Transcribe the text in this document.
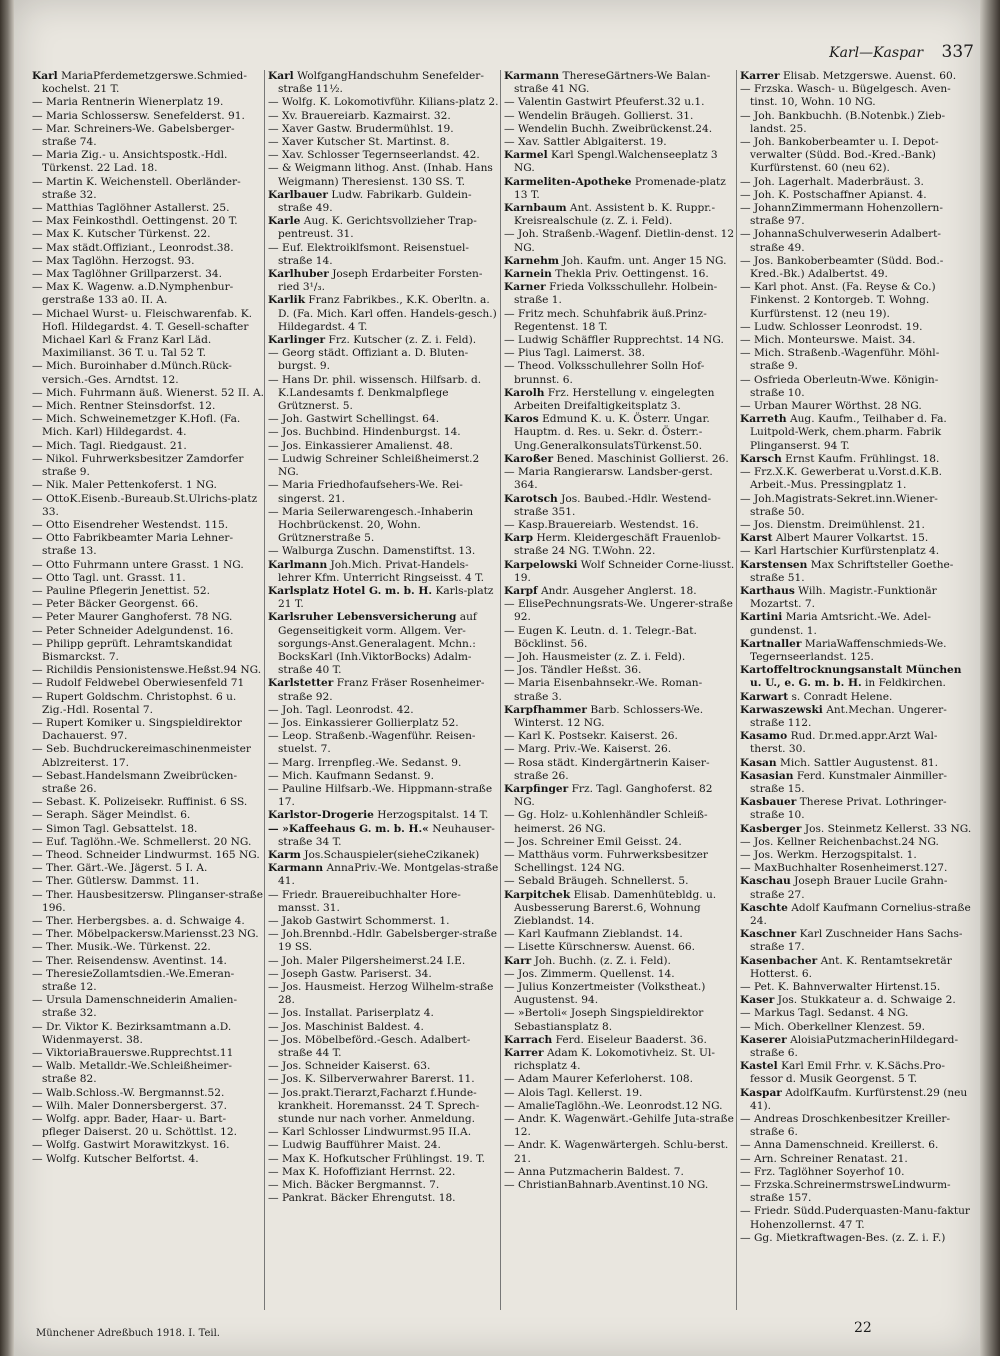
Karl—Kaspar 337

Karl MariaPferdemetzgerswe.Schmied-kochelst. 21 T.

— Maria Rentnerin Wienerplatz 19.

— Maria Schlossersw. Senefelderst. 91.

— Mar. Schreiners-We. Gabelsberger-straße 74.

— Maria Zig.- u. Ansichtspostk.-Hdl. Türkenst. 22 Lad. 18.

— Martin K. Weichenstell. Oberländer-straße 32.

— Matthias Taglöhner Astallerst. 25.

— Max Feinkosthdl. Oettingenst. 20 T.

— Max K. Kutscher Türkenst. 22.

— Max städt.Offiziant., Leonrodst.38.

— Max Taglöhn. Herzogst. 93.

— Max Taglöhner Grillparzerst. 34.

— Max K. Wagenw. a.D.Nymphenbur-gerstraße 133 a0. II. A.

— Michael Wurst- u. Fleischwarenfab. K. Hofl. Hildegardst. 4. T. Gesell-schafter Michael Karl & Franz Karl Läd. Maximilianst. 36 T. u. Tal 52 T.

— Mich. Buroinhaber d.Münch.Rück-versich.-Ges. Arndtst. 12.

— Mich. Fuhrmann äuß. Wienerst. 52 II. A.

— Mich. Rentner Steinsdorfst. 12.

— Mich. Schweinemetzger K.Hofl. (Fa. Mich. Karl) Hildegardst. 4.

— Mich. Tagl. Riedgaust. 21.

— Nikol. Fuhrwerksbesitzer Zamdorfer straße 9.

— Nik. Maler Pettenkoferst. 1 NG.

— OttoK.Eisenb.-Bureaub.St.Ulrichs-platz 33.

— Otto Eisendreher Westendst. 115.

— Otto Fabrikbeamter Maria Lehner-straße 13.

— Otto Fuhrmann untere Grasst. 1 NG.

— Otto Tagl. unt. Grasst. 11.

— Pauline Pflegerin Jenettist. 52.

— Peter Bäcker Georgenst. 66.

— Peter Maurer Ganghoferst. 78 NG.

— Peter Schneider Adelgundenst. 16.

— Philipp geprüft. Lehramtskandidat Bismarckst. 7.

— Richildis Pensionistenswe.Heßst.94 NG.

— Rudolf Feldwebel Oberwiesenfeld 71

— Rupert Goldschm. Christophst. 6 u. Zig.-Hdl. Rosental 7.

— Rupert Komiker u. Singspieldirektor Dachauerst. 97.

— Seb. Buchdruckereimaschinenmeister Ablzreiterst. 17.

— Sebast.Handelsmann Zweibrücken-straße 26.

— Sebast. K. Polizeisekr. Ruffinist. 6 SS.

— Seraph. Säger Meindlst. 6.

— Simon Tagl. Gebsattelst. 18.

— Euf. Taglöhn.-We. Schmellerst. 20 NG.

— Theod. Schneider Lindwurmst. 165 NG.

— Ther. Gärt.-We. Jägerst. 5 I. A.

— Ther. Gütlersw. Dammst. 11.

— Ther. Hausbesitzersw. Plinganser-straße 196.

— Ther. Herbergsbes. a. d. Schwaige 4.

— Ther. Möbelpackersw.Mariensst.23 NG.

— Ther. Musik.-We. Türkenst. 22.

— Ther. Reisendensw. Aventinst. 14.

— TheresieZollamtsdien.-We.Emeran-straße 12.

— Ursula Damenschneiderin Amalien-straße 32.

— Dr. Viktor K. Bezirksamtmann a.D. Widenmayerst. 38.

— ViktoriaBrauerswe.Rupprechtst.11

— Walb. Metalldr.-We.Schleißheimer-straße 82.

— Walb.Schloss.-W. Bergmannst.52.

— Wilh. Maler Donnersbergerst. 37.

— Wolfg. appr. Bader, Haar- u. Bart-pfleger Daiserst. 20 u. Schöttlst. 12.

— Wolfg. Gastwirt Morawitzkyst. 16.

— Wolfg. Kutscher Belfortst. 4.

Karl WolfgangHandschuhm Senefelder-straße 11½.

— Wolfg. K. Lokomotivführ. Kilians-platz 2.

— Xv. Brauereiarb. Kazmairst. 32.

— Xaver Gastw. Brudermühlst. 19.

— Xaver Kutscher St. Martinst. 8.

— Xav. Schlosser Tegernseerlandst. 42.

— & Weigmann lithog. Anst. (Inhab. Hans Weigmann) Theresienst. 130 SS. T.

Karlbauer Ludw. Fabrikarb. Guldein-straße 49.

Karle Aug. K. Gerichtsvollzieher Trap-pentreust. 31.

— Euf. Elektroiklfsmont. Reisenstuel-straße 14.

Karlhuber Joseph Erdarbeiter Forsten-ried 3¹/₃.

Karlik Franz Fabrikbes., K.K. Oberltn. a. D. (Fa. Mich. Karl offen. Handels-gesch.) Hildegardst. 4 T.

Karlinger Frz. Kutscher (z. Z. i. Feld).

— Georg städt. Offiziant a. D. Bluten-burgst. 9.

— Hans Dr. phil. wissensch. Hilfsarb. d. K.Landesamts f. Denkmalpflege Grütznerst. 5.

— Joh. Gastwirt Schellingst. 64.

— Jos. Buchbind. Hindenburgst. 14.

— Jos. Einkassierer Amalienst. 48.

— Ludwig Schreiner Schleißheimerst.2 NG.

— Maria Friedhofaufsehers-We. Rei-singerst. 21.

— Maria Seilerwarengesch.-Inhaberin Hochbrückenst. 20, Wohn. Grütznerstraße 5.

— Walburga Zuschn. Damenstiftst. 13.

Karlmann Joh.Mich. Privat-Handels-lehrer Kfm. Unterricht Ringseisst. 4 T.

Karlsplatz Hotel G. m. b. H. Karls-platz 21 T.

Karlsruher Lebensversicherung auf Gegenseitigkeit vorm. Allgem. Ver-sorgungs-Anst.Generalagent. Mchn.: BocksKarl (Inh.ViktorBocks) Adalm-straße 40 T.

Karlstetter Franz Fräser Rosenheimer-straße 92.

— Joh. Tagl. Leonrodst. 42.

— Jos. Einkassierer Gollierplatz 52.

— Leop. Straßenb.-Wagenführ. Reisen-stuelst. 7.

— Marg. Irrenpfleg.-We. Sedanst. 9.

— Mich. Kaufmann Sedanst. 9.

— Pauline Hilfsarb.-We. Hippmann-straße 17.

Karlstor-Drogerie Herzogspitalst. 14 T.

— »Kaffeehaus G. m. b. H.« Neuhauser-straße 34 T.

Karm Jos.Schauspieler(sieheCzikanek)

Karmann AnnaPriv.-We. Montgelas-straße 41.

— Friedr. Brauereibuchhalter Hore-mansst. 31.

— Jakob Gastwirt Schommerst. 1.

— Joh.Brennbd.-Hdlr. Gabelsberger-straße 19 SS.

— Joh. Maler Pilgersheimerst.24 I.E.

— Joseph Gastw. Pariserst. 34.

— Jos. Hausmeist. Herzog Wilhelm-straße 28.

— Jos. Installat. Pariserplatz 4.

— Jos. Maschinist Baldest. 4.

— Jos. Möbelbeförd.-Gesch. Adalbert-straße 44 T.

— Jos. Schneider Kaiserst. 63.

— Jos. K. Silberverwahrer Barerst. 11.

— Jos.prakt.Tierarzt,Facharzt f.Hunde-krankheit. Horemansst. 24 T. Sprech-stunde nur nach vorher. Anmeldung.

— Karl Schlosser Lindwurmst.95 II.A.

— Ludwig Baufführer Maist. 24.

— Max K. Hofkutscher Frühlingst. 19. T.

— Max K. Hofoffiziant Herrnst. 22.

— Mich. Bäcker Bergmannst. 7.

— Pankrat. Bäcker Ehrengutst. 18.

Karmann ThereseGärtners-We Balan-straße 41 NG.

— Valentin Gastwirt Pfeuferst.32 u.1.

— Wendelin Bräugeh. Gollierst. 31.

— Wendelin Buchh. Zweibrückenst.24.

— Xav. Sattler Ablgaiterst. 19.

Karmel Karl Spengl.Walchenseeplatz 3 NG.

Karmeliten-Apotheke Promenade-platz 13 T.

Karnbaum Ant. Assistent b. K. Ruppr.-Kreisrealschule (z. Z. i. Feld).

— Joh. Straßenb.-Wagenf. Dietlin-denst. 12 NG.

Karnehm Joh. Kaufm. unt. Anger 15 NG.

Karnein Thekla Priv. Oettingenst. 16.

Karner Frieda Volksschullehr. Holbein-straße 1.

— Fritz mech. Schuhfabrik äuß.Prinz-Regentenst. 18 T.

— Ludwig Schäffler Rupprechtst. 14 NG.

— Pius Tagl. Laimerst. 38.

— Theod. Volksschullehrer Solln Hof-brunnst. 6.

Karolh Frz. Herstellung v. eingelegten Arbeiten Dreifaltigkeitsplatz 3.

Karos Edmund K. u. K. Österr. Ungar. Hauptm. d. Res. u. Sekr. d. Österr.-Ung.GeneralkonsulatsTürkenst.50.

Karoßer Bened. Maschinist Gollierst. 26.

— Maria Rangierarsw. Landsber-gerst. 364.

Karotsch Jos. Baubed.-Hdlr. Westend-straße 351.

— Kasp.Brauereiarb. Westendst. 16.

Karp Herm. Kleidergeschäft Frauenlob-straße 24 NG. T.Wohn. 22.

Karpelowski Wolf Schneider Corne-liusst. 19.

Karpf Andr. Ausgeher Anglerst. 18.

— ElisePechnungsrats-We. Ungerer-straße 92.

— Eugen K. Leutn. d. 1. Telegr.-Bat. Böcklinst. 56.

— Joh. Hausmeister (z. Z. i. Feld).

— Jos. Tändler Heßst. 36.

— Maria Eisenbahnsekr.-We. Roman-straße 3.

Karpfhammer Barb. Schlossers-We. Winterst. 12 NG.

— Karl K. Postsekr. Kaiserst. 26.

— Marg. Priv.-We. Kaiserst. 26.

— Rosa städt. Kindergärtnerin Kaiser-straße 26.

Karpfinger Frz. Tagl. Ganghoferst. 82 NG.

— Gg. Holz- u.Kohlenhändler Schleiß-heimerst. 26 NG.

— Jos. Schreiner Emil Geisst. 24.

— Matthäus vorm. Fuhrwerksbesitzer Schellingst. 124 NG.

— Sebald Bräugeh. Schnellerst. 5.

Karpitchek Elisab. Damenhütebldg. u. Ausbesserung Barerst.6, Wohnung Zieblandst. 14.

— Karl Kaufmann Zieblandst. 14.

— Lisette Kürschnersw. Auenst. 66.

Karr Joh. Buchh. (z. Z. i. Feld).

— Jos. Zimmerm. Quellenst. 14.

— Julius Konzertmeister (Volkstheat.) Augustenst. 94.

— »Bertoli« Joseph Singspieldirektor Sebastiansplatz 8.

Karrach Ferd. Eiseleur Baaderst. 36.

Karrer Adam K. Lokomotivheiz. St. Ul-richsplatz 4.

— Adam Maurer Keferloherst. 108.

— Alois Tagl. Kellerst. 19.

— AmalieTaglöhn.-We. Leonrodst.12 NG.

— Andr. K. Wagenwärt.-Gehilfe Juta-straße 12.

— Andr. K. Wagenwärtergeh. Schlu-berst. 21.

— Anna Putzmacherin Baldest. 7.

— ChristianBahnarb.Aventinst.10 NG.

Karrer Elisab. Metzgerswe. Auenst. 60.

— Frzska. Wasch- u. Bügelgesch. Aven-tinst. 10, Wohn. 10 NG.

— Joh. Bankbuchh. (B.Notenbk.) Zieb-landst. 25.

— Joh. Bankoberbeamter u. I. Depot-verwalter (Südd. Bod.-Kred.-Bank) Kurfürstenst. 60 (neu 62).

— Joh. Lagerhalt. Maderbräust. 3.

— Joh. K. Postschaffner Apianst. 4.

— JohannZimmermann Hohenzollern-straße 97.

— JohannaSchulverweserin Adalbert-straße 49.

— Jos. Bankoberbeamter (Südd. Bod.-Kred.-Bk.) Adalbertst. 49.

— Karl phot. Anst. (Fa. Reyse & Co.) Finkenst. 2 Kontorgeb. T. Wohng. Kurfürstenst. 12 (neu 19).

— Ludw. Schlosser Leonrodst. 19.

— Mich. Monteurswe. Maist. 34.

— Mich. Straßenb.-Wagenführ. Möhl-straße 9.

— Osfrieda Oberleutn-Wwe. Königin-straße 10.

— Urban Maurer Wörthst. 28 NG.

Karreth Aug. Kaufm., Teilhaber d. Fa. Luitpold-Werk, chem.pharm. Fabrik Plinganserst. 94 T.

Karsch Ernst Kaufm. Frühlingst. 18.

— Frz.X.K. Gewerberat u.Vorst.d.K.B. Arbeit.-Mus. Pressingplatz 1.

— Joh.Magistrats-Sekret.inn.Wiener-straße 50.

— Jos. Dienstm. Dreimühlenst. 21.

Karst Albert Maurer Volkartst. 15.

— Karl Hartschier Kurfürstenplatz 4.

Karstensen Max Schriftsteller Goethe-straße 51.

Karthaus Wilh. Magistr.-Funktionär Mozartst. 7.

Kartini Maria Amtsricht.-We. Adel-gundenst. 1.

Kartnaller MariaWaffenschmieds-We. Tegernseerlandst. 125.

Kartoffeltrocknungsanstalt München u. U., e. G. m. b. H. in Feldkirchen.

Karwart s. Conradt Helene.

Karwaszewski Ant.Mechan. Ungerer-straße 112.

Kasamo Rud. Dr.med.appr.Arzt Wal-therst. 30.

Kasan Mich. Sattler Augustenst. 81.

Kasasian Ferd. Kunstmaler Ainmiller-straße 15.

Kasbauer Therese Privat. Lothringer-straße 10.

Kasberger Jos. Steinmetz Kellerst. 33 NG.

— Jos. Kellner Reichenbachst.24 NG.

— Jos. Werkm. Herzogspitalst. 1.

— MaxBuchhalter Rosenheimerst.127.

Kaschau Joseph Brauer Lucile Grahn-straße 27.

Kaschte Adolf Kaufmann Cornelius-straße 24.

Kaschner Karl Zuschneider Hans Sachs-straße 17.

Kasenbacher Ant. K. Rentamtsekretär Hotterst. 6.

— Pet. K. Bahnverwalter Hirtenst.15.

Kaser Jos. Stukkateur a. d. Schwaige 2.

— Markus Tagl. Sedanst. 4 NG.

— Mich. Oberkellner Klenzest. 59.

Kaserer AloisiaPutzmacherinHildegard-straße 6.

Kastel Karl Emil Frhr. v. K.Sächs.Pro-fessor d. Musik Georgenst. 5 T.

Kaspar AdolfKaufm. Kurfürstenst.29 (neu 41).

— Andreas Droschkenbesitzer Kreiller-straße 6.

— Anna Damenschneid. Kreillerst. 6.

— Arn. Schreiner Renatast. 21.

— Frz. Taglöhner Soyerhof 10.

— Frzska.SchreinermstrsweLindwurm-straße 157.

— Friedr. Südd.Puderquasten-Manu-faktur Hohenzollernst. 47 T.

— Gg. Mietkraftwagen-Bes. (z. Z. i. F.)

Münchener Adreßbuch 1918. I. Teil.	22
